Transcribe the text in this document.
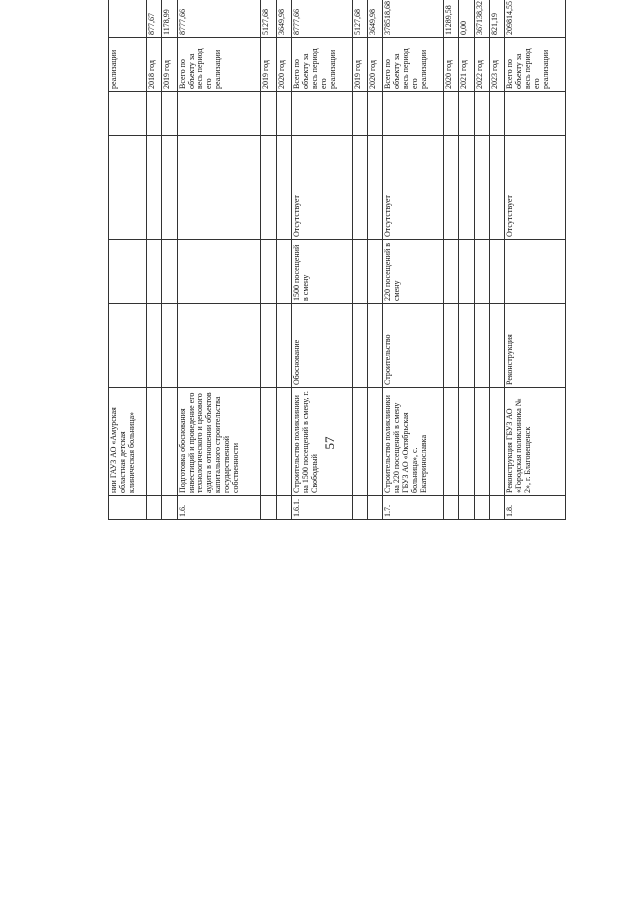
57
	нии ГАУЗ АО «Амурская областная детская клиническая больница»					реализации							
						2018 год	877,67						
						2019 год	1178,99						
1.6.	Подготовка обоснования инвестиций и проведение его технологического и ценового аудита в отношении объектов капитального строительства государственной собственности					Всего по объекту за весь период его реализации	8777,66						
						2019 год	5127,68						
						2020 год	3649,98						
1.6.1.	Строительство поликлиники на 1500 посещений в смену, г. Свободный	Обоснование	1500 посещений в смену	Отсутствует		Всего по объекту за весь период его реализации	8777,66						
						2019 год	5127,68						
						2020 год	3649,98						
1.7.	Строительство поликлиники на 220 посещений в смену ГБУЗ АО «Октябрьская больница», с. Екатеринославка	Строительство	220 посещений в смену	Отсутствует		Всего по объекту за весь период его реализации	378518,68						
						2020 год	11289,58						
						2021 год	0,00						
						2022 год	367138,32						
						2023 год	821,19						
1.8.	Реконструкция ГБУЗ АО «Городская поликлиника № 2», г. Благовещенск	Реконструкция		Отсутствует		Всего по объекту за весь период его реализации	209814,55						
